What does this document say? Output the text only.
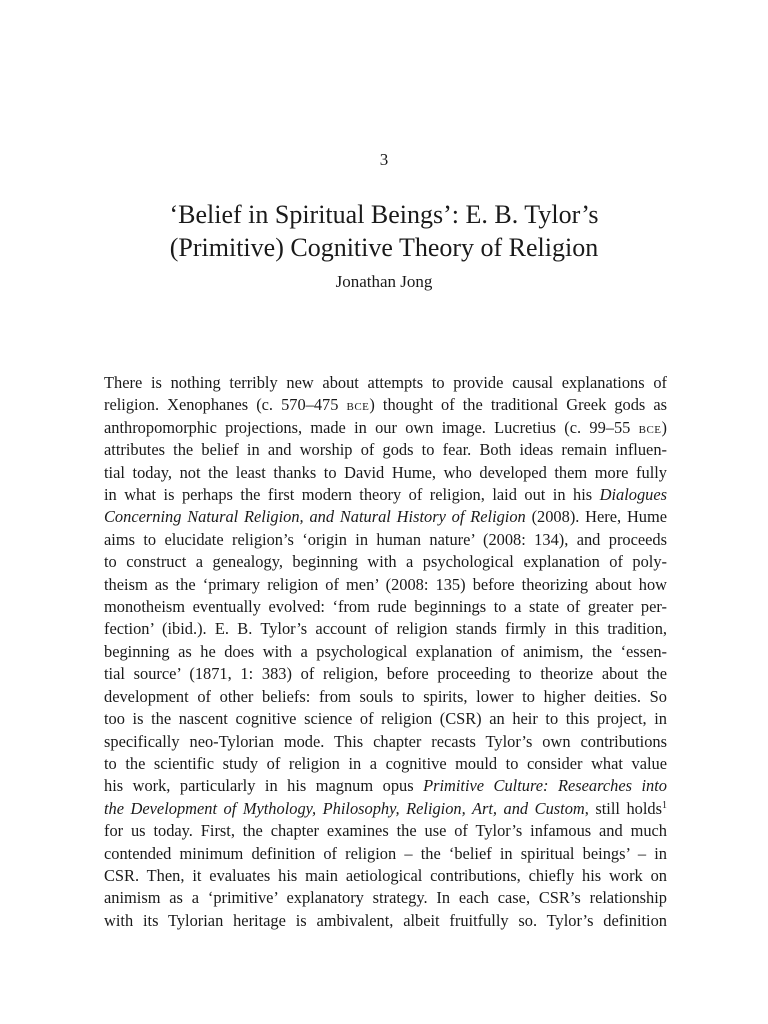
3
‘Belief in Spiritual Beings’: E. B. Tylor’s
(Primitive) Cognitive Theory of Religion
Jonathan Jong
There is nothing terribly new about attempts to provide causal explanations of
religion. Xenophanes (c. 570–475 bce) thought of the traditional Greek gods as
anthropomorphic projections, made in our own image. Lucretius (c. 99–55 bce)
attributes the belief in and worship of gods to fear. Both ideas remain influen-
tial today, not the least thanks to David Hume, who developed them more fully
in what is perhaps the first modern theory of religion, laid out in his Dialogues
Concerning Natural Religion, and Natural History of Religion (2008). Here, Hume
aims to elucidate religion’s ‘origin in human nature’ (2008: 134), and proceeds
to construct a genealogy, beginning with a psychological explanation of poly-
theism as the ‘primary religion of men’ (2008: 135) before theorizing about how
monotheism eventually evolved: ‘from rude beginnings to a state of greater per-
fection’ (ibid.). E. B. Tylor’s account of religion stands firmly in this tradition,
beginning as he does with a psychological explanation of animism, the ‘essen-
tial source’ (1871, 1: 383) of religion, before proceeding to theorize about the
development of other beliefs: from souls to spirits, lower to higher deities. So
too is the nascent cognitive science of religion (CSR) an heir to this project, in
specifically neo-Tylorian mode. This chapter recasts Tylor’s own contributions
to the scientific study of religion in a cognitive mould to consider what value
his work, particularly in his magnum opus Primitive Culture: Researches into
the Development of Mythology, Philosophy, Religion, Art, and Custom, still holds$^1$
for us today. First, the chapter examines the use of Tylor’s infamous and much
contended minimum definition of religion – the ‘belief in spiritual beings’ – in
CSR. Then, it evaluates his main aetiological contributions, chiefly his work on
animism as a ‘primitive’ explanatory strategy. In each case, CSR’s relationship
with its Tylorian heritage is ambivalent, albeit fruitfully so. Tylor’s definition
